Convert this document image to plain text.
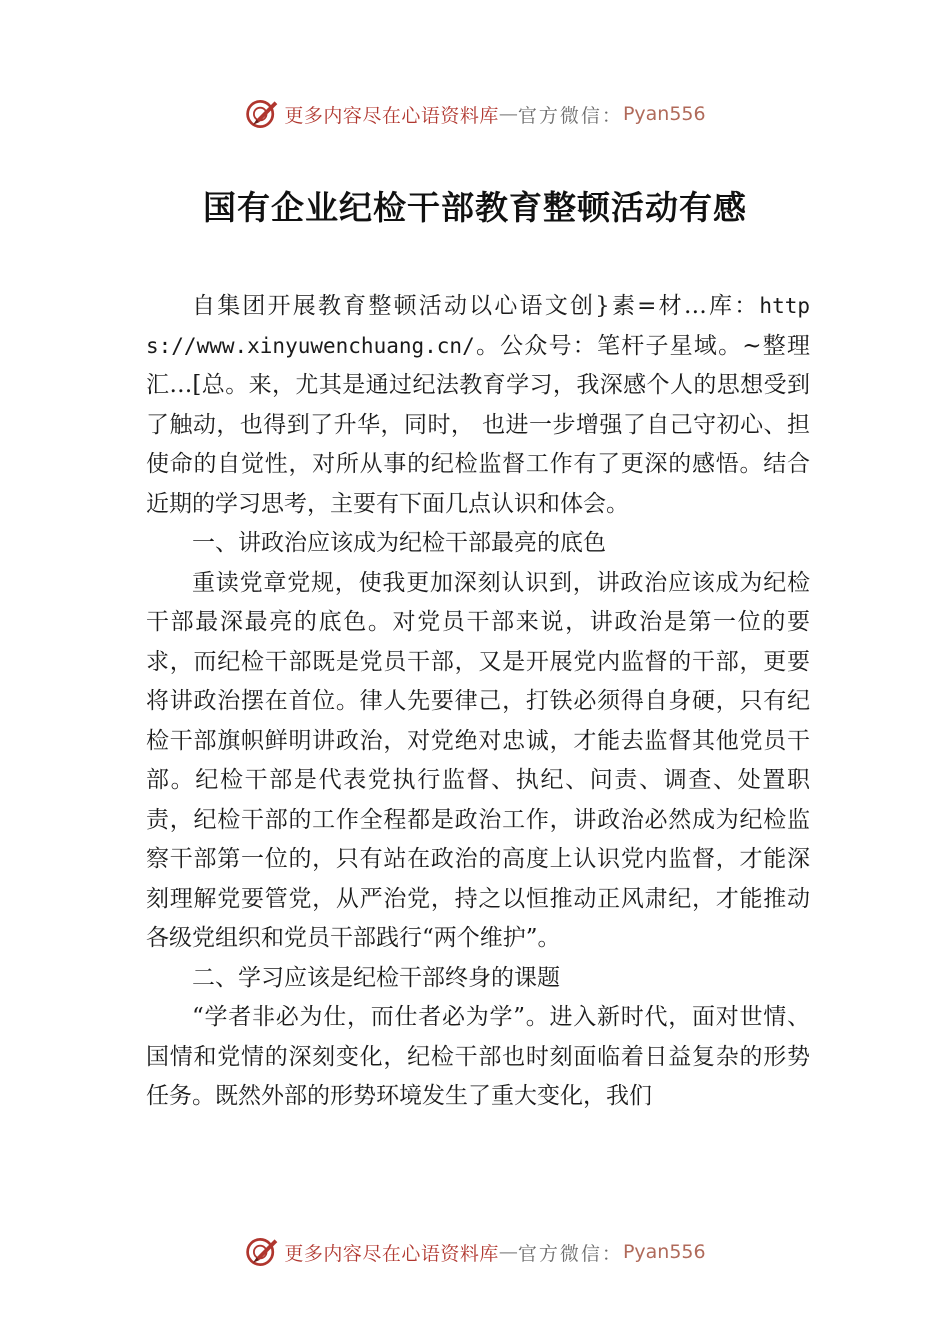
更多内容尽在心语资料库 — 官方微信： Pyan556
国有企业纪检干部教育整顿活动有感

自集团开展教育整顿活动以心语文创}素=材…库：https://www.xinyuwenchuang.cn/。公众号：笔杆子星域。~整理汇…[总。来，尤其是通过纪法教育学习，我深感个人的思想受到了触动，也得到了升华，同时， 也进一步增强了自己守初心、担使命的自觉性，对所从事的纪检监督工作有了更深的感悟。结合近期的学习思考，主要有下面几点认识和体会。

一、讲政治应该成为纪检干部最亮的底色

重读党章党规，使我更加深刻认识到，讲政治应该成为纪检干部最深最亮的底色。对党员干部来说，讲政治是第一位的要求，而纪检干部既是党员干部，又是开展党内监督的干部，更要将讲政治摆在首位。律人先要律己，打铁必须得自身硬，只有纪检干部旗帜鲜明讲政治，对党绝对忠诚，才能去监督其他党员干部。纪检干部是代表党执行监督、执纪、问责、调查、处置职责，纪检干部的工作全程都是政治工作，讲政治必然成为纪检监察干部第一位的，只有站在政治的高度上认识党内监督，才能深刻理解党要管党，从严治党，持之以恒推动正风肃纪，才能推动各级党组织和党员干部践行“两个维护”。

二、学习应该是纪检干部终身的课题

“学者非必为仕，而仕者必为学”。进入新时代，面对世情、国情和党情的深刻变化，纪检干部也时刻面临着日益复杂的形势任务。既然外部的形势环境发生了重大变化，我们

更多内容尽在心语资料库 — 官方微信： Pyan556
